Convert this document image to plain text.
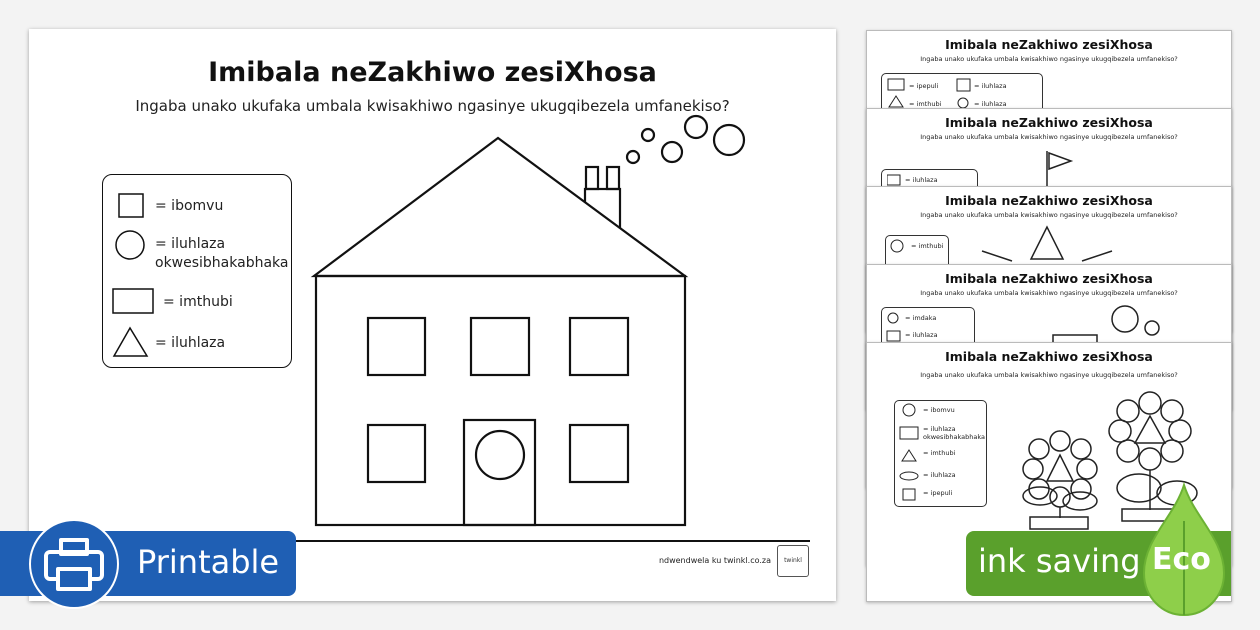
Imibala neZakhiwo zesiXhosa
Ingaba unako ukufaka umbala kwisakhiwo ngasinye ukugqibezela umfanekiso?
= ibomvu
= iluhlaza okwesibhakabhaka
= imthubi
= iluhlaza
ndwendwela ku twinkl.co.za	twinkl
Imibala neZakhiwo zesiXhosa
Ingaba unako ukufaka umbala kwisakhiwo ngasinye ukugqibezela umfanekiso?
= ipepuli	= iluhlaza
= imthubi	= iluhlaza
Imibala neZakhiwo zesiXhosa
Ingaba unako ukufaka umbala kwisakhiwo ngasinye ukugqibezela umfanekiso?
= iluhlaza
Imibala neZakhiwo zesiXhosa
Ingaba unako ukufaka umbala kwisakhiwo ngasinye ukugqibezela umfanekiso?
= imthubi
Imibala neZakhiwo zesiXhosa
Ingaba unako ukufaka umbala kwisakhiwo ngasinye ukugqibezela umfanekiso?
= imdaka
= iluhlaza
Imibala neZakhiwo zesiXhosa
Ingaba unako ukufaka umbala kwisakhiwo ngasinye ukugqibezela umfanekiso?
= ibomvu
= iluhlaza okwesibhakabhaka
= imthubi
= iluhlaza
= ipepuli
Printable	ink saving Eco
